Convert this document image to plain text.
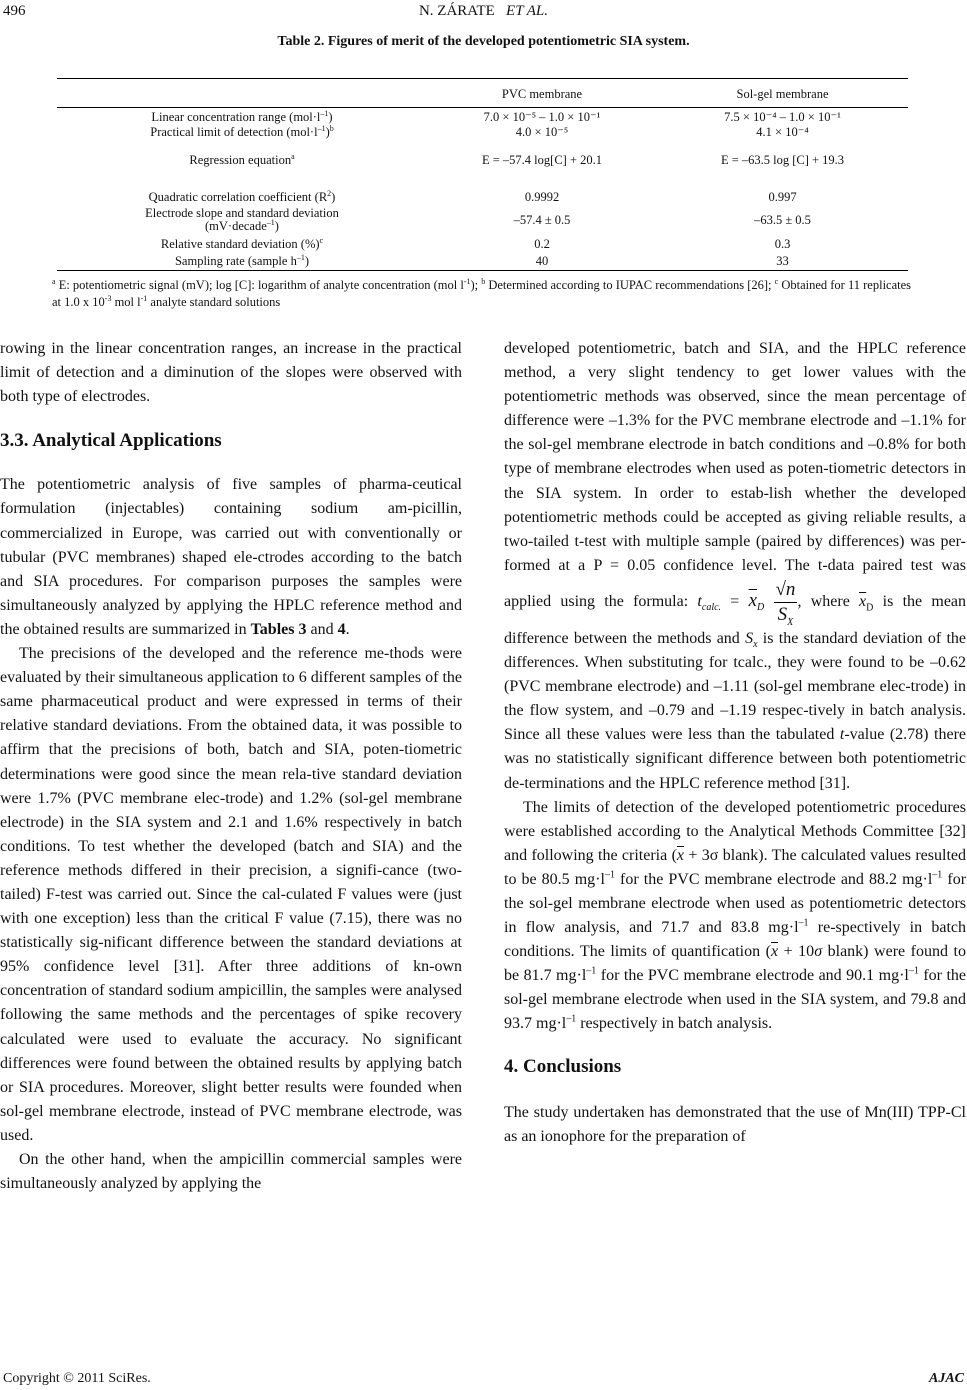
496	N. ZÁRATE ET AL.
Table 2. Figures of merit of the developed potentiometric SIA system.
	PVC membrane	Sol-gel membrane
Linear concentration range $(mol\cdot l^{-1})$	7.0 × 10⁻⁵ – 1.0 × 10⁻¹	7.5 × 10⁻⁴ – 1.0 × 10⁻¹
Practical limit of detection $(mol\cdot l^{-1})^b$	4.0 × 10⁻⁵	4.1 × 10⁻⁴
Regression equation$^a$	E = –57.4 log[C] + 20.1	E = –63.5 log [C] + 19.3
Quadratic correlation coefficient $(R^2)$	0.9992	0.997
Electrode slope and standard deviation
(mV·decade$^{-1}$)	–57.4 ± 0.5	–63.5 ± 0.5
Relative standard deviation (%)$^c$	0.2	0.3
Sampling rate (sample $h^{-1}$)	40	33
$^a$ E: potentiometric signal (mV); log [C]: logarithm of analyte concentration (mol $l^{-1}$); $^b$ Determined according to IUPAC recommendations [26]; $^c$ Obtained for 11 replicates at 1.0 x $10^{-3}$ mol $l^{-1}$ analyte standard solutions

rowing in the linear concentration ranges, an increase in the practical limit of detection and a diminution of the slopes were observed with both type of electrodes.

3.3. Analytical Applications

The potentiometric analysis of five samples of pharma-ceutical formulation (injectables) containing sodium am-picillin, commercialized in Europe, was carried out with conventionally or tubular (PVC membranes) shaped ele-ctrodes according to the batch and SIA procedures. For comparison purposes the samples were simultaneously analyzed by applying the HPLC reference method and the obtained results are summarized in Tables 3 and 4.

The precisions of the developed and the reference me-thods were evaluated by their simultaneous application to 6 different samples of the same pharmaceutical product and were expressed in terms of their relative standard deviations. From the obtained data, it was possible to affirm that the precisions of both, batch and SIA, poten-tiometric determinations were good since the mean rela-tive standard deviation were 1.7% (PVC membrane elec-trode) and 1.2% (sol-gel membrane electrode) in the SIA system and 2.1 and 1.6% respectively in batch conditions. To test whether the developed (batch and SIA) and the reference methods differed in their precision, a signifi-cance (two-tailed) F-test was carried out. Since the cal-culated F values were (just with one exception) less than the critical F value (7.15), there was no statistically sig-nificant difference between the standard deviations at 95% confidence level [31]. After three additions of kn-own concentration of standard sodium ampicillin, the samples were analysed following the same methods and the percentages of spike recovery calculated were used to evaluate the accuracy. No significant differences were found between the obtained results by applying batch or SIA procedures. Moreover, slight better results were founded when sol-gel membrane electrode, instead of PVC membrane electrode, was used.

On the other hand, when the ampicillin commercial samples were simultaneously analyzed by applying the

developed potentiometric, batch and SIA, and the HPLC reference method, a very slight tendency to get lower values with the potentiometric methods was observed, since the mean percentage of difference were –1.3% for the PVC membrane electrode and –1.1% for the sol-gel membrane electrode in batch conditions and –0.8% for both type of membrane electrodes when used as poten-tiometric detectors in the SIA system. In order to estab-lish whether the developed potentiometric methods could be accepted as giving reliable results, a two-tailed t-test with multiple sample (paired by differences) was per-formed at a P = 0.05 confidence level. The t-data paired test was applied using the formula: $t_{calc.} = \overline{x}_D \frac{√n}{S_X}$ , where $\overline{x}_D$ is the mean difference between the methods and $S_x$ is the standard deviation of the differences. When substituting for tcalc., they were found to be –0.62 (PVC membrane electrode) and –1.11 (sol-gel membrane elec-trode) in the flow system, and –0.79 and –1.19 respec-tively in batch analysis. Since all these values were less than the tabulated t-value (2.78) there was no statistically significant difference between both potentiometric de-terminations and the HPLC reference method [31].

The limits of detection of the developed potentiometric procedures were established according to the Analytical Methods Committee [32] and following the criteria ($\overline{x} + 3\sigma$ blank). The calculated values resulted to be 80.5 $mg\cdot l^{-1}$ for the PVC membrane electrode and 88.2 $mg\cdot l^{-1}$ for the sol-gel membrane electrode when used as potentiometric detectors in flow analysis, and 71.7 and 83.8 $mg\cdot l^{-1}$ re-spectively in batch conditions. The limits of quantification ($\overline{x} + 10\sigma$ blank) were found to be 81.7 $mg\cdot l^{-1}$ for the PVC membrane electrode and 90.1 $mg\cdot l^{-1}$ for the sol-gel membrane electrode when used in the SIA system, and 79.8 and 93.7 $mg\cdot l^{-1}$ respectively in batch analysis.

4. Conclusions

The study undertaken has demonstrated that the use of Mn(III) TPP-Cl as an ionophore for the preparation of

Copyright © 2011 SciRes.	AJAC
